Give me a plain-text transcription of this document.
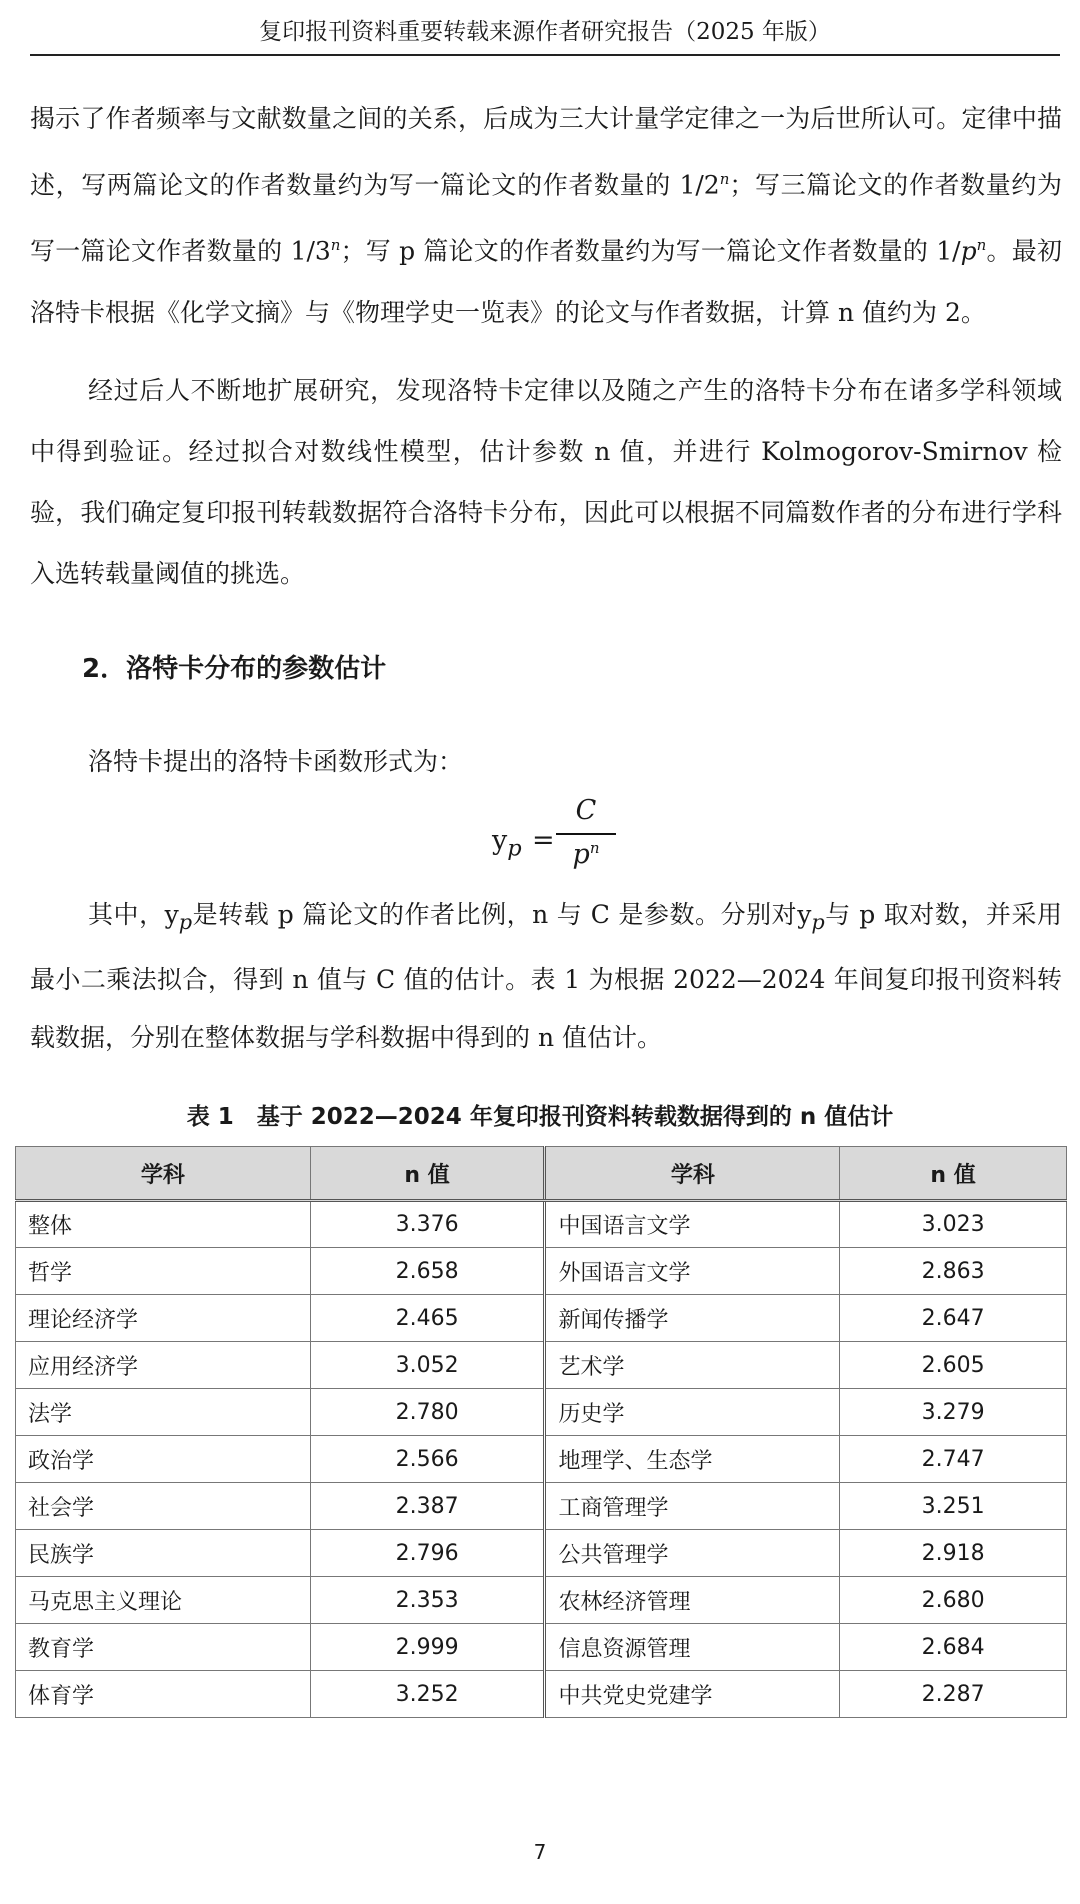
复印报刊资料重要转载来源作者研究报告（2025 年版）

揭示了作者频率与文献数量之间的关系，后成为三大计量学定律之一为后世所认可。定律中描述，写两篇论文的作者数量约为写一篇论文的作者数量的 1/2$^n$；写三篇论文的作者数量约为写一篇论文作者数量的 1/3$^n$；写 p 篇论文的作者数量约为写一篇论文作者数量的 $1/p^n$。最初洛特卡根据《化学文摘》与《物理学史一览表》的论文与作者数据，计算 n 值约为 2。

经过后人不断地扩展研究，发现洛特卡定律以及随之产生的洛特卡分布在诸多学科领域中得到验证。经过拟合对数线性模型，估计参数 n 值，并进行 Kolmogorov-Smirnov 检验，我们确定复印报刊转载数据符合洛特卡分布，因此可以根据不同篇数作者的分布进行学科入选转载量阈值的挑选。

2．洛特卡分布的参数估计
洛特卡提出的洛特卡函数形式为：
$y_p$ =
C
$p^n$

其中，$y_p$是转载 p 篇论文的作者比例，n 与 C 是参数。分别对$y_p$与 p 取对数，并采用最小二乘法拟合，得到 n 值与 C 值的估计。表 1 为根据 2022—2024 年间复印报刊资料转载数据，分别在整体数据与学科数据中得到的 n 值估计。

表 1　基于 2022—2024 年复印报刊资料转载数据得到的 n 值估计
学科	n 值	学科	n 值
整体	3.376	中国语言文学	3.023
哲学	2.658	外国语言文学	2.863
理论经济学	2.465	新闻传播学	2.647
应用经济学	3.052	艺术学	2.605
法学	2.780	历史学	3.279
政治学	2.566	地理学、生态学	2.747
社会学	2.387	工商管理学	3.251
民族学	2.796	公共管理学	2.918
马克思主义理论	2.353	农林经济管理	2.680
教育学	2.999	信息资源管理	2.684
体育学	3.252	中共党史党建学	2.287
7
